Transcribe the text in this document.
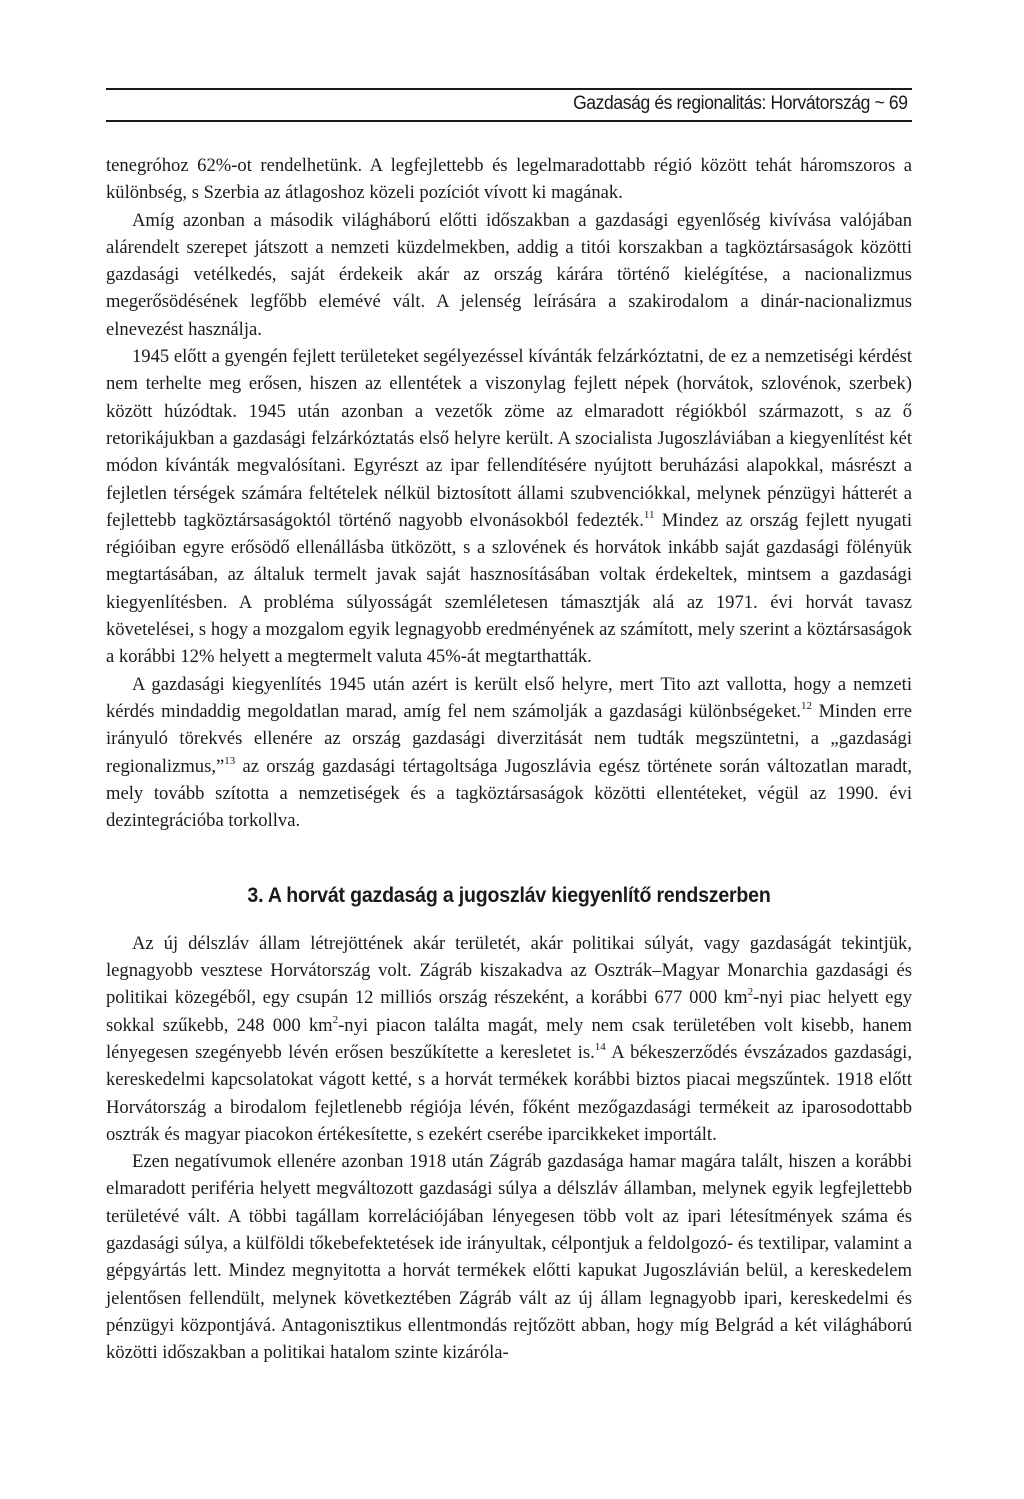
Gazdaság és regionalitás: Horvátország ~ 69

tenegróhoz 62%-ot rendelhetünk. A legfejlettebb és legelmaradottabb régió között tehát háromszoros a különbség, s Szerbia az átlagoshoz közeli pozíciót vívott ki magának.

Amíg azonban a második világháború előtti időszakban a gazdasági egyenlőség kivívása valójában alárendelt szerepet játszott a nemzeti küzdelmekben, addig a titói korszakban a tagköztársaságok közötti gazdasági vetélkedés, saját érdekeik akár az ország kárára történő kielégítése, a nacionalizmus megerősödésének legfőbb elemévé vált. A jelenség leírására a szakirodalom a dinár-nacionalizmus elnevezést használja.

1945 előtt a gyengén fejlett területeket segélyezéssel kívánták felzárkóztatni, de ez a nemzetiségi kérdést nem terhelte meg erősen, hiszen az ellentétek a viszonylag fejlett népek (horvátok, szlovénok, szerbek) között húzódtak. 1945 után azonban a vezetők zöme az elmaradott régiókból származott, s az ő retorikájukban a gazdasági felzárkóztatás első helyre került. A szocialista Jugoszláviában a kiegyenlítést két módon kívánták megvalósítani. Egyrészt az ipar fellendítésére nyújtott beruházási alapokkal, másrészt a fejletlen térségek számára feltételek nélkül biztosított állami szubvenciókkal, melynek pénzügyi hátterét a fejlettebb tagköztársaságoktól történő nagyobb elvonásokból fedezték.$^{11}$ Mindez az ország fejlett nyugati régióiban egyre erősödő ellenállásba ütközött, s a szlovének és horvátok inkább saját gazdasági fölényük megtartásában, az általuk termelt javak saját hasznosításában voltak érdekeltek, mintsem a gazdasági kiegyenlítésben. A probléma súlyosságát szemléletesen támasztják alá az 1971. évi horvát tavasz követelései, s hogy a mozgalom egyik legnagyobb eredményének az számított, mely szerint a köztársaságok a korábbi 12% helyett a megtermelt valuta 45%-át megtarthatták.

A gazdasági kiegyenlítés 1945 után azért is került első helyre, mert Tito azt vallotta, hogy a nemzeti kérdés mindaddig megoldatlan marad, amíg fel nem számolják a gazdasági különbségeket.$^{12}$ Minden erre irányuló törekvés ellenére az ország gazdasági diverzitását nem tudták megszüntetni, a „gazdasági regionalizmus,”$^{13}$ az ország gazdasági tértagoltsága Jugoszlávia egész története során változatlan maradt, mely tovább szította a nemzetiségek és a tagköztársaságok közötti ellentéteket, végül az 1990. évi dezintegrációba torkollva.

3. A horvát gazdaság a jugoszláv kiegyenlítő rendszerben

Az új délszláv állam létrejöttének akár területét, akár politikai súlyát, vagy gazdaságát tekintjük, legnagyobb vesztese Horvátország volt. Zágráb kiszakadva az Osztrák–Magyar Monarchia gazdasági és politikai közegéből, egy csupán 12 milliós ország részeként, a korábbi 677 000 $km^2$-nyi piac helyett egy sokkal szűkebb, 248 000 $km^2$-nyi piacon találta magát, mely nem csak területében volt kisebb, hanem lényegesen szegényebb lévén erősen beszűkítette a keresletet is.$^{14}$ A békeszerződés évszázados gazdasági, kereskedelmi kapcsolatokat vágott ketté, s a horvát termékek korábbi biztos piacai megszűntek. 1918 előtt Horvátország a birodalom fejletlenebb régiója lévén, főként mezőgazdasági termékeit az iparosodottabb osztrák és magyar piacokon értékesítette, s ezekért cserébe iparcikkeket importált.

Ezen negatívumok ellenére azonban 1918 után Zágráb gazdasága hamar magára talált, hiszen a korábbi elmaradott periféria helyett megváltozott gazdasági súlya a délszláv államban, melynek egyik legfejlettebb területévé vált. A többi tagállam korrelációjában lényegesen több volt az ipari létesítmények száma és gazdasági súlya, a külföldi tőkebefektetések ide irányultak, célpontjuk a feldolgozó- és textilipar, valamint a gépgyártás lett. Mindez megnyitotta a horvát termékek előtti kapukat Jugoszlávián belül, a kereskedelem jelentősen fellendült, melynek következtében Zágráb vált az új állam legnagyobb ipari, kereskedelmi és pénzügyi központjává. Antagonisztikus ellentmondás rejtőzött abban, hogy míg Belgrád a két világháború közötti időszakban a politikai hatalom szinte kizáróla-
